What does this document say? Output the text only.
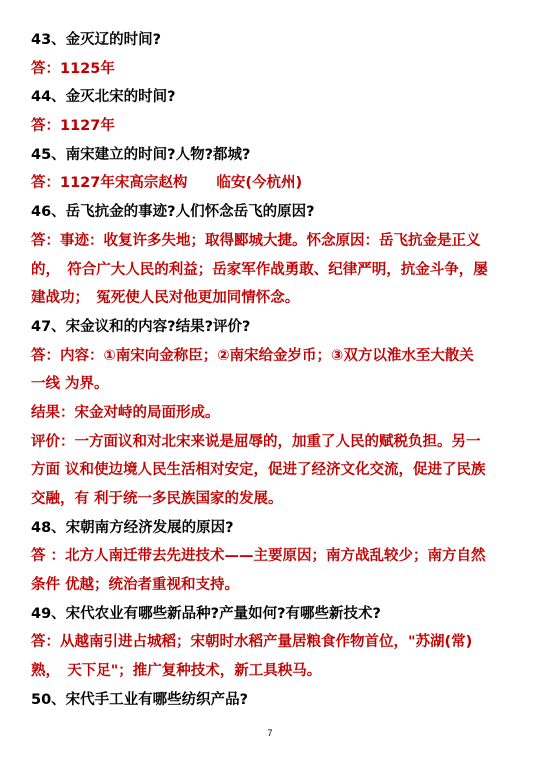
43、金灭辽的时间?
答：1125年
44、金灭北宋的时间?
答：1127年
45、南宋建立的时间?人物?都城?
答：1127年宋高宗赵构　　临安(今杭州)
46、岳飞抗金的事迹?人们怀念岳飞的原因?
答：事迹：收复许多失地；取得郾城大捷。怀念原因：岳飞抗金是正义
的，　符合广大人民的利益；岳家军作战勇敢、纪律严明，抗金斗争，屡
建战功；　冤死使人民对他更加同情怀念。
47、宋金议和的内容?结果?评价?
答：内容：①南宋向金称臣；②南宋给金岁币；③双方以淮水至大散关
一线 为界。
结果：宋金对峙的局面形成。
评价：一方面议和对北宋来说是屈辱的，加重了人民的赋税负担。另一
方面 议和使边境人民生活相对安定，促进了经济文化交流，促进了民族
交融，有 利于统一多民族国家的发展。
48、宋朝南方经济发展的原因?
答 ：北方人南迁带去先进技术——主要原因；南方战乱较少；南方自然
条件 优越；统治者重视和支持。
49、宋代农业有哪些新品种?产量如何?有哪些新技术?
答：从越南引进占城稻；宋朝时水稻产量居粮食作物首位，"苏湖(常)
熟，　天下足"；推广复种技术，新工具秧马。
50、宋代手工业有哪些纺织产品?
7
